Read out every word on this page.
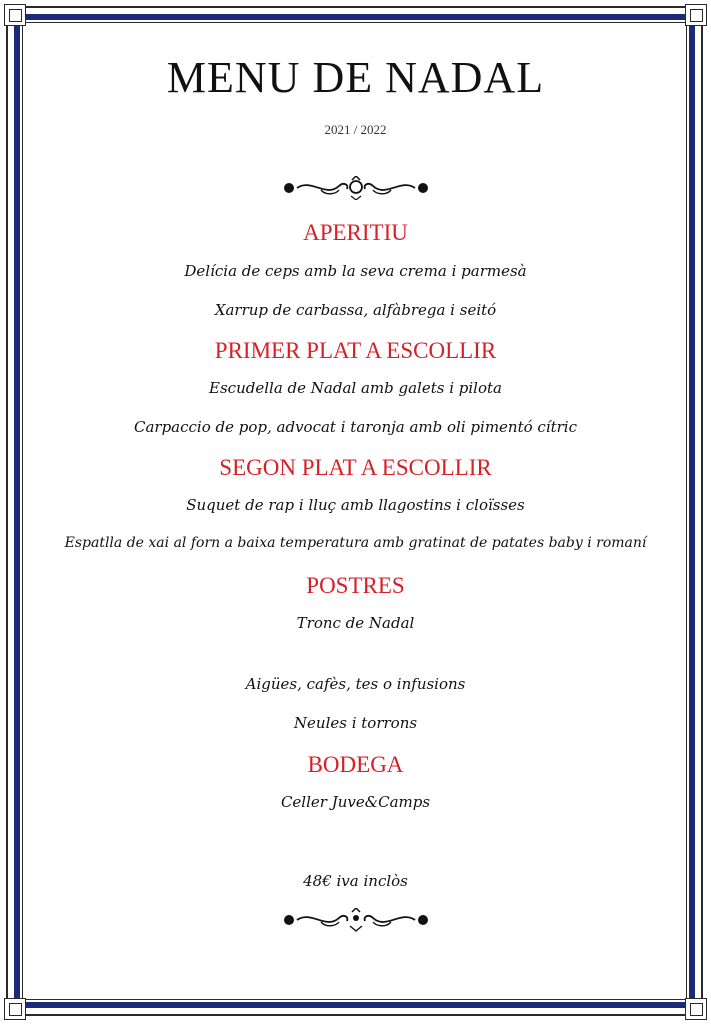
MENU DE NADAL
2021 / 2022
APERITIU
Delícia de ceps amb la seva crema i parmesà
Xarrup de carbassa, alfàbrega i seitó
PRIMER PLAT A ESCOLLIR
Escudella de Nadal amb galets i pilota
Carpaccio de pop, advocat i taronja amb oli pimentó cítric
SEGON PLAT A ESCOLLIR
Suquet de rap i lluç amb llagostins i cloïsses
Espatlla de xai al forn a baixa temperatura amb gratinat de patates baby i romaní
POSTRES
Tronc de Nadal
Aigües, cafès, tes o infusions
Neules i torrons
BODEGA
Celler Juve&Camps
48€ iva inclòs
